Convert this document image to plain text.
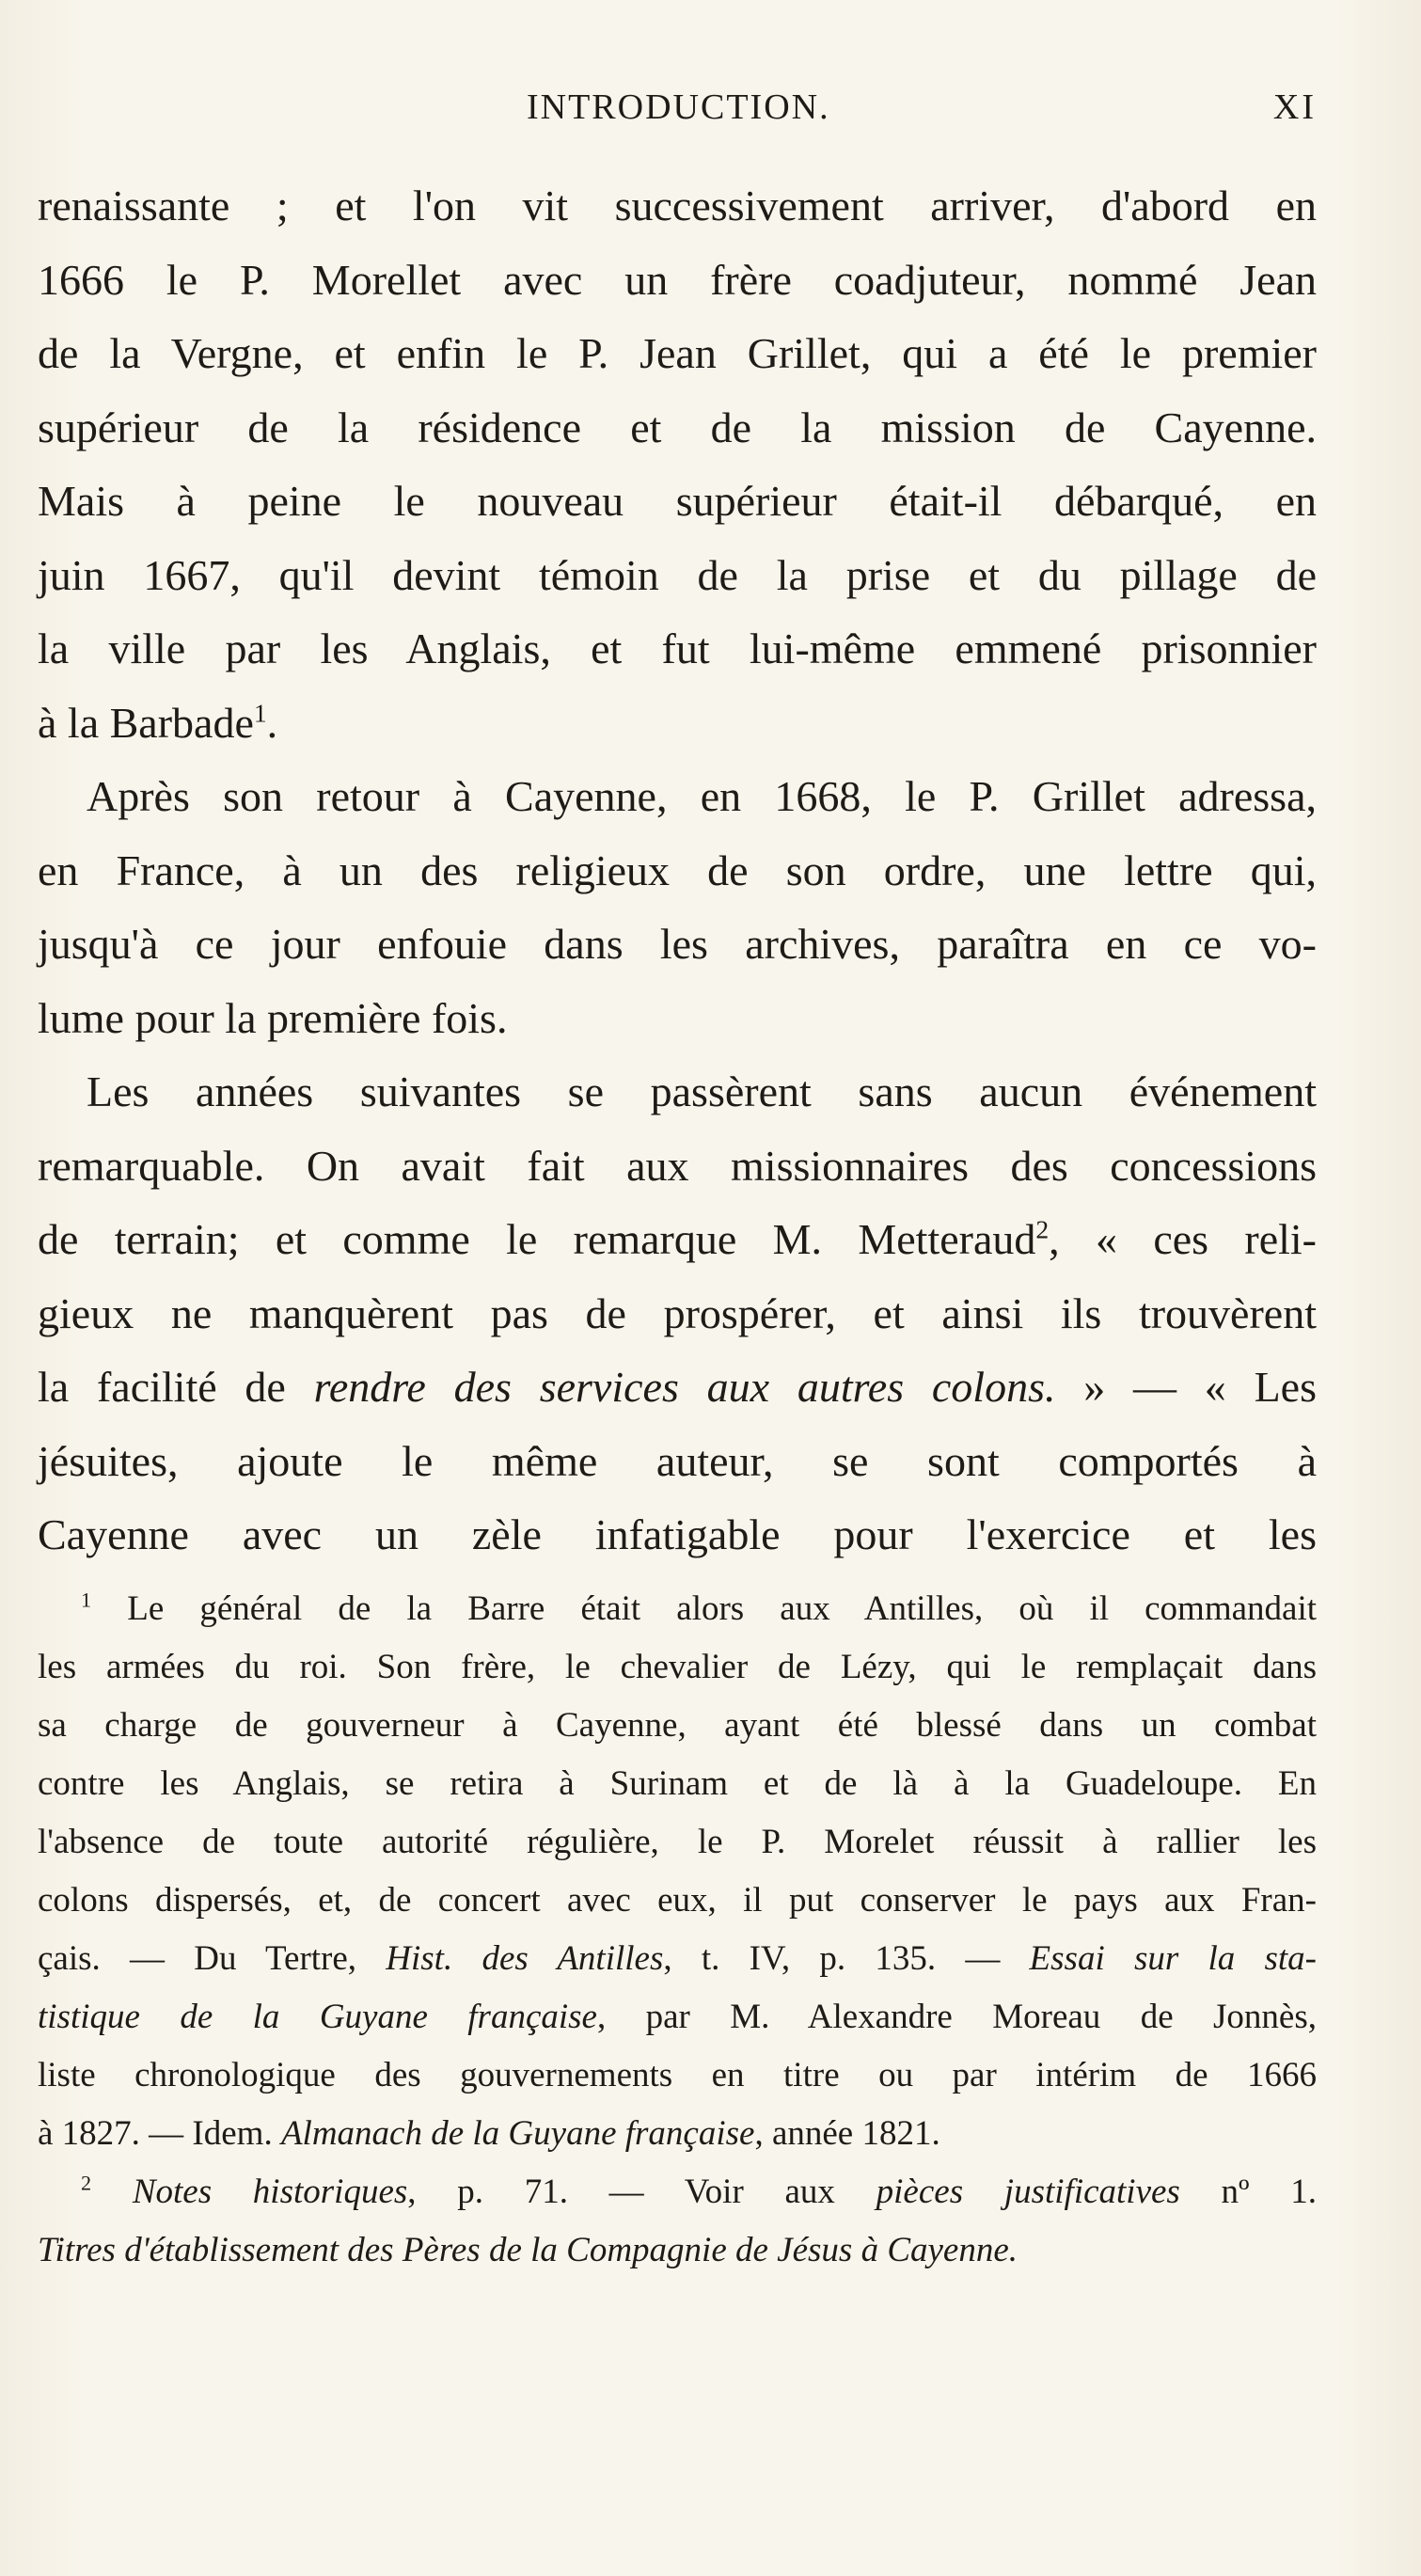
INTRODUCTION.	XI
renaissante ; et l'on vit successivement arriver, d'abord en
1666 le P. Morellet avec un frère coadjuteur, nommé Jean
de la Vergne, et enfin le P. Jean Grillet, qui a été le premier
supérieur de la résidence et de la mission de Cayenne.
Mais à peine le nouveau supérieur était-il débarqué, en
juin 1667, qu'il devint témoin de la prise et du pillage de
la ville par les Anglais, et fut lui-même emmené prisonnier
à la Barbade$^1$.
Après son retour à Cayenne, en 1668, le P. Grillet adressa,
en France, à un des religieux de son ordre, une lettre qui,
jusqu'à ce jour enfouie dans les archives, paraîtra en ce vo-
lume pour la première fois.
Les années suivantes se passèrent sans aucun événement
remarquable. On avait fait aux missionnaires des concessions
de terrain; et comme le remarque M. Metteraud$^2$, « ces reli-
gieux ne manquèrent pas de prospérer, et ainsi ils trouvèrent
la facilité de rendre des services aux autres colons. » — « Les
jésuites, ajoute le même auteur, se sont comportés à
Cayenne avec un zèle infatigable pour l'exercice et les
$^1$ Le général de la Barre était alors aux Antilles, où il commandait
les armées du roi. Son frère, le chevalier de Lézy, qui le remplaçait dans
sa charge de gouverneur à Cayenne, ayant été blessé dans un combat
contre les Anglais, se retira à Surinam et de là à la Guadeloupe. En
l'absence de toute autorité régulière, le P. Morelet réussit à rallier les
colons dispersés, et, de concert avec eux, il put conserver le pays aux Fran-
çais. — Du Tertre, Hist. des Antilles, t. IV, p. 135. — Essai sur la sta-
tistique de la Guyane française, par M. Alexandre Moreau de Jonnès,
liste chronologique des gouvernements en titre ou par intérim de 1666
à 1827. — Idem. Almanach de la Guyane française, année 1821.
$^2$ Notes historiques, p. 71. — Voir aux pièces justificatives nº 1.
Titres d'établissement des Pères de la Compagnie de Jésus à Cayenne.
